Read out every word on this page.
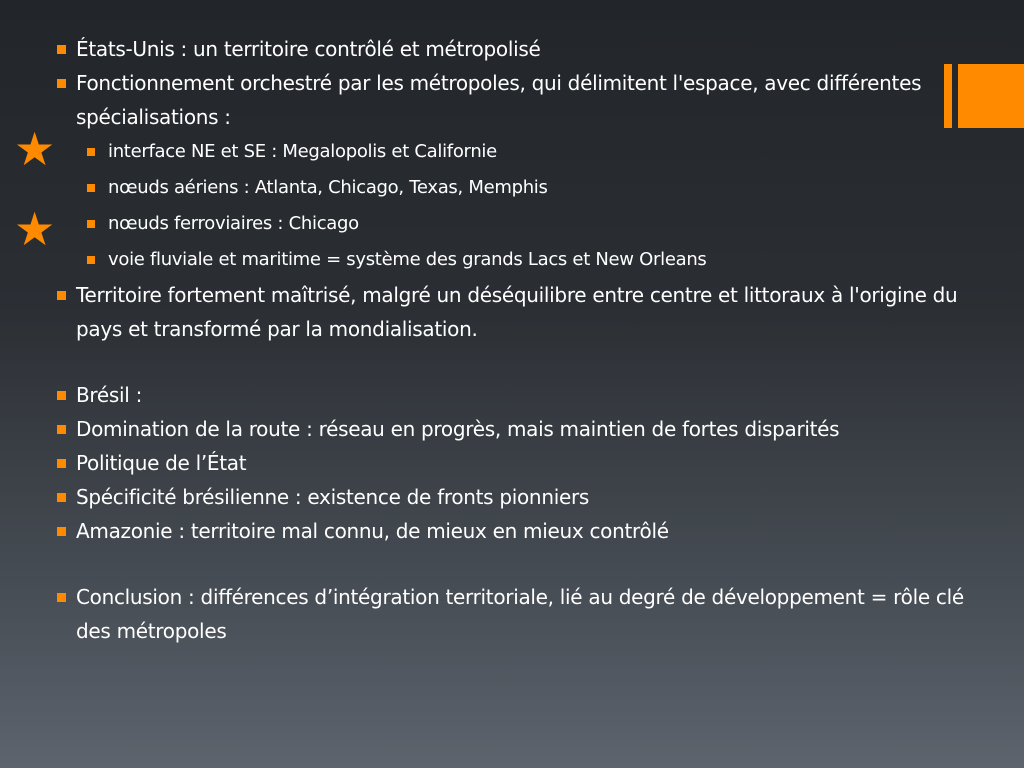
★
★
États-Unis : un territoire contrôlé et métropolisé
Fonctionnement orchestré par les métropoles, qui délimitent l'espace, avec différentes spécialisations :
interface NE et SE : Megalopolis et Californie
nœuds aériens : Atlanta, Chicago, Texas, Memphis
nœuds ferroviaires : Chicago
voie fluviale et maritime = système des grands Lacs et New Orleans
Territoire fortement maîtrisé, malgré un déséquilibre entre centre et littoraux à l'origine du pays et transformé par la mondialisation.
Brésil :
Domination de la route : réseau en progrès, mais maintien de fortes disparités
Politique de l’État
Spécificité brésilienne : existence de fronts pionniers
Amazonie : territoire mal connu, de mieux en mieux contrôlé
Conclusion : différences d’intégration territoriale, lié au degré de développement = rôle clé des métropoles
